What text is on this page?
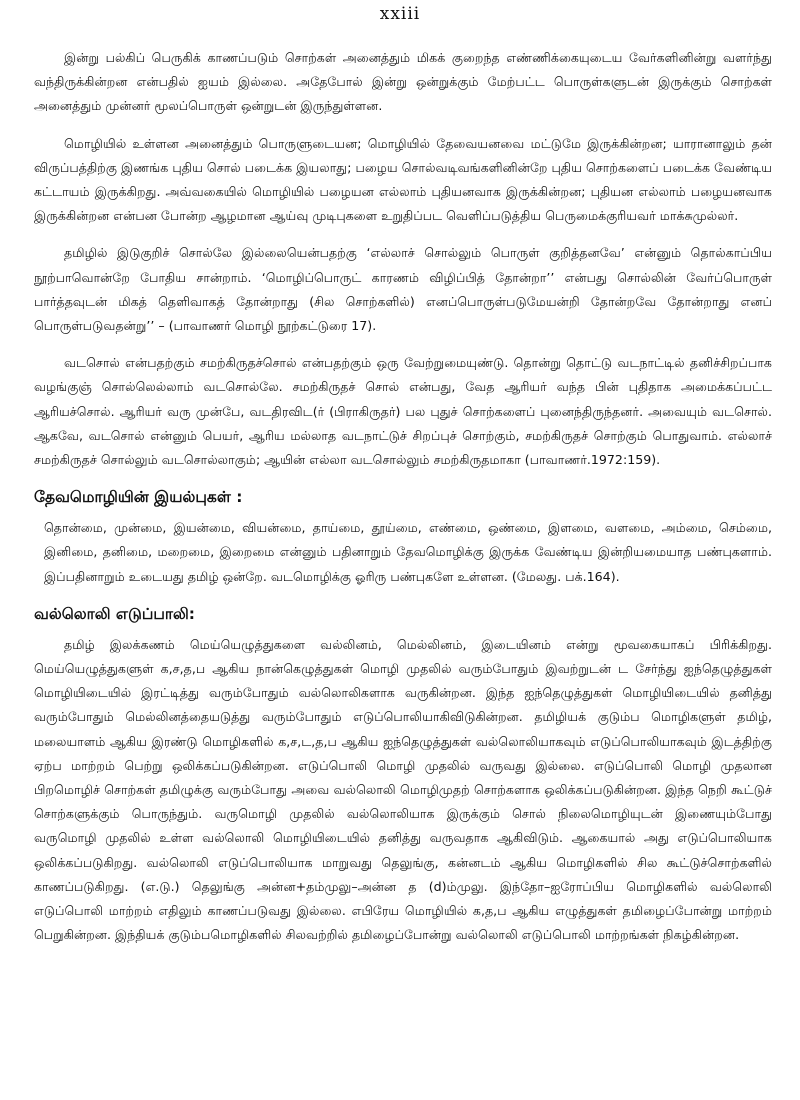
xxiii

இன்று பல்கிப் பெருகிக் காணப்படும் சொற்கள் அனைத்தும் மிகக் குறைந்த எண்ணிக்கையுடைய வேர்களினின்று வளர்ந்து வந்திருக்கின்றன என்பதில் ஐயம் இல்லை. அதேபோல் இன்று ஒன்றுக்கும் மேற்பட்ட பொருள்களுடன் இருக்கும் சொற்கள் அனைத்தும் முன்னர் மூலப்பொருள் ஒன்றுடன் இருந்துள்ளன.

மொழியில் உள்ளன அனைத்தும் பொருளுடையன; மொழியில் தேவையனவை மட்டுமே இருக்கின்றன; யாரானாலும் தன் விருப்பத்திற்கு இணங்க புதிய சொல் படைக்க இயலாது; பழைய சொல்வடிவங்களினின்றே புதிய சொற்களைப் படைக்க வேண்டிய கட்டாயம் இருக்கிறது. அவ்வகையில் மொழியில் பழையன எல்லாம் புதியனவாக இருக்கின்றன; புதியன எல்லாம் பழையனவாக இருக்கின்றன என்பன போன்ற ஆழமான ஆய்வு முடிபுகளை உறுதிப்பட வெளிப்படுத்திய பெருமைக்குரியவர் மாக்சுமுல்லர்.

தமிழில் இடுகுறிச் சொல்லே இல்லையென்பதற்கு ‘எல்லாச் சொல்லும் பொருள் குறித்தனவே’ என்னும் தொல்காப்பிய நூற்பாவொன்றே போதிய சான்றாம். ‘மொழிப்பொருட் காரணம் விழிப்பித் தோன்றா’’ என்பது சொல்லின் வேர்ப்பொருள் பார்த்தவுடன் மிகத் தெளிவாகத் தோன்றாது (சில சொற்களில்) எனப்பொருள்படுமேயன்றி தோன்றவே தோன்றாது எனப் பொருள்படுவதன்று’’ – (பாவாணர் மொழி நூற்கட்டுரை 17).

வடசொல் என்பதற்கும் சமற்கிருதச்சொல் என்பதற்கும் ஒரு வேற்றுமையுண்டு. தொன்று தொட்டு வடநாட்டில் தனிச்சிறப்பாக வழங்குஞ் சொல்லெல்லாம் வடசொல்லே. சமற்கிருதச் சொல் என்பது, வேத ஆரியர் வந்த பின் புதிதாக அமைக்கப்பட்ட ஆரியச்சொல். ஆரியர் வரு முன்பே, வடதிரவிட(ர் (பிராகிருதர்) பல புதுச் சொற்களைப் புனைந்திருந்தனர். அவையும் வடசொல். ஆகவே, வடசொல் என்னும் பெயர், ஆரிய மல்லாத வடநாட்டுச் சிறப்புச் சொற்கும், சமற்கிருதச் சொற்கும் பொதுவாம். எல்லாச் சமற்கிருதச் சொல்லும் வடசொல்லாகும்; ஆயின் எல்லா வடசொல்லும் சமற்கிருதமாகா (பாவாணர்.1972:159).

தேவமொழியின் இயல்புகள் :

தொன்மை, முன்மை, இயன்மை, வியன்மை, தாய்மை, தூய்மை, எண்மை, ஒண்மை, இளமை, வளமை, அம்மை, செம்மை, இனிமை, தனிமை, மறைமை, இறைமை என்னும் பதினாறும் தேவமொழிக்கு இருக்க வேண்டிய இன்றியமையாத பண்புகளாம். இப்பதினாறும் உடையது தமிழ் ஒன்றே. வடமொழிக்கு ஓரிரு பண்புகளே உள்ளன. (மேலது. பக்.164).

வல்லொலி எடுப்பாலி:

தமிழ் இலக்கணம் மெய்யெழுத்துகளை வல்லினம், மெல்லினம், இடையினம் என்று மூவகையாகப் பிரிக்கிறது. மெய்யெழுத்துகளுள் க,ச,த,ப ஆகிய நான்கெழுத்துகள் மொழி முதலில் வரும்போதும் இவற்றுடன் ட சேர்ந்து ஐந்தெழுத்துகள் மொழியிடையில் இரட்டித்து வரும்போதும் வல்லொலிகளாக வருகின்றன. இந்த ஐந்தெழுத்துகள் மொழியிடையில் தனித்து வரும்போதும் மெல்லினத்தையடுத்து வரும்போதும் எடுப்பொலியாகிவிடுகின்றன. தமிழியக் குடும்ப மொழிகளுள் தமிழ், மலையாளம் ஆகிய இரண்டு மொழிகளில் க,ச,ட,த,ப ஆகிய ஐந்தெழுத்துகள் வல்லொலியாகவும் எடுப்பொலியாகவும் இடத்திற்கு ஏற்ப மாற்றம் பெற்று ஒலிக்கப்படுகின்றன. எடுப்பொலி மொழி முதலில் வருவது இல்லை. எடுப்பொலி மொழி முதலான பிறமொழிச் சொற்கள் தமிழுக்கு வரும்போது அவை வல்லொலி மொழிமுதற் சொற்களாக ஒலிக்கப்படுகின்றன. இந்த நெறி கூட்டுச் சொற்களுக்கும் பொருந்தும். வருமொழி முதலில் வல்லொலியாக இருக்கும் சொல் நிலைமொழியுடன் இணையும்போது வருமொழி முதலில் உள்ள வல்லொலி மொழியிடையில் தனித்து வருவதாக ஆகிவிடும். ஆகையால் அது எடுப்பொலியாக ஒலிக்கப்படுகிறது. வல்லொலி எடுப்பொலியாக மாறுவது தெலுங்கு, கன்னடம் ஆகிய மொழிகளில் சில கூட்டுச்சொற்களில் காணப்படுகிறது. (எ.டு.) தெலுங்கு அன்ன+தம்முலு–அன்ன த (d)ம்முலு. இந்தோ–ஐரோப்பிய மொழிகளில் வல்லொலி எடுப்பொலி மாற்றம் எதிலும் காணப்படுவது இல்லை. எபிரேய மொழியில் க,த,ப ஆகிய எழுத்துகள் தமிழைப்போன்று மாற்றம் பெறுகின்றன. இந்தியக் குடும்பமொழிகளில் சிலவற்றில் தமிழைப்போன்று வல்லொலி எடுப்பொலி மாற்றங்கள் நிகழ்கின்றன.
